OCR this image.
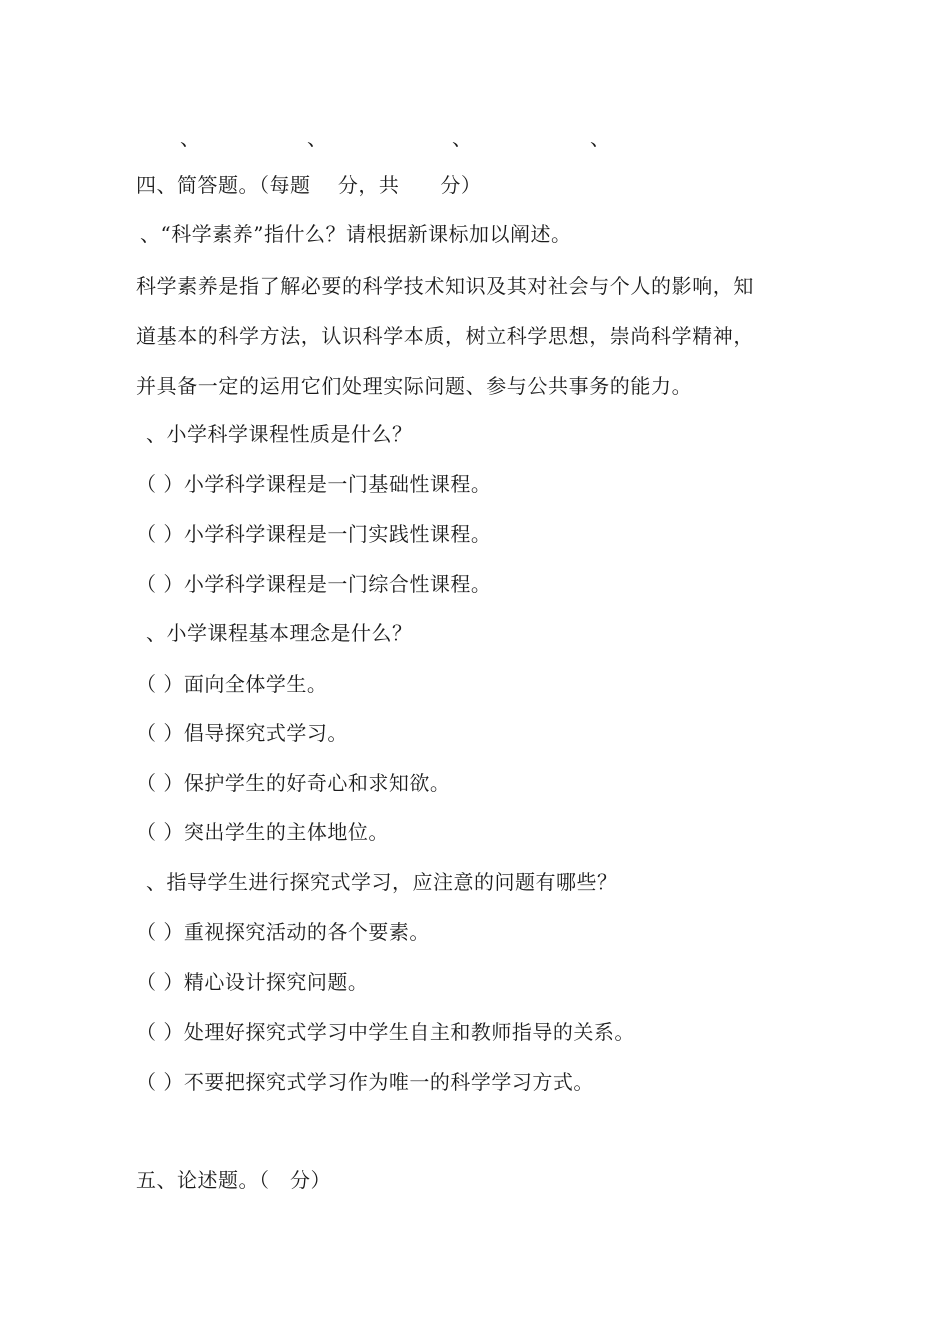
、	、	、	、
四、简答题。（每题　 分，共　　分）
、“科学素养”指什么？请根据新课标加以阐述。
科学素养是指了解必要的科学技术知识及其对社会与个人的影响，知
道基本的科学方法，认识科学本质，树立科学思想，崇尚科学精神，
并具备一定的运用它们处理实际问题、参与公共事务的能力。
、小学科学课程性质是什么？
（ ）小学科学课程是一门基础性课程。
（ ）小学科学课程是一门实践性课程。
（ ）小学科学课程是一门综合性课程。
、小学课程基本理念是什么？
（ ）面向全体学生。
（ ）倡导探究式学习。
（ ）保护学生的好奇心和求知欲。
（ ）突出学生的主体地位。
、指导学生进行探究式学习，应注意的问题有哪些？
（ ）重视探究活动的各个要素。
（ ）精心设计探究问题。
（ ）处理好探究式学习中学生自主和教师指导的关系。
（ ）不要把探究式学习作为唯一的科学学习方式。
五、论述题。（　分）
